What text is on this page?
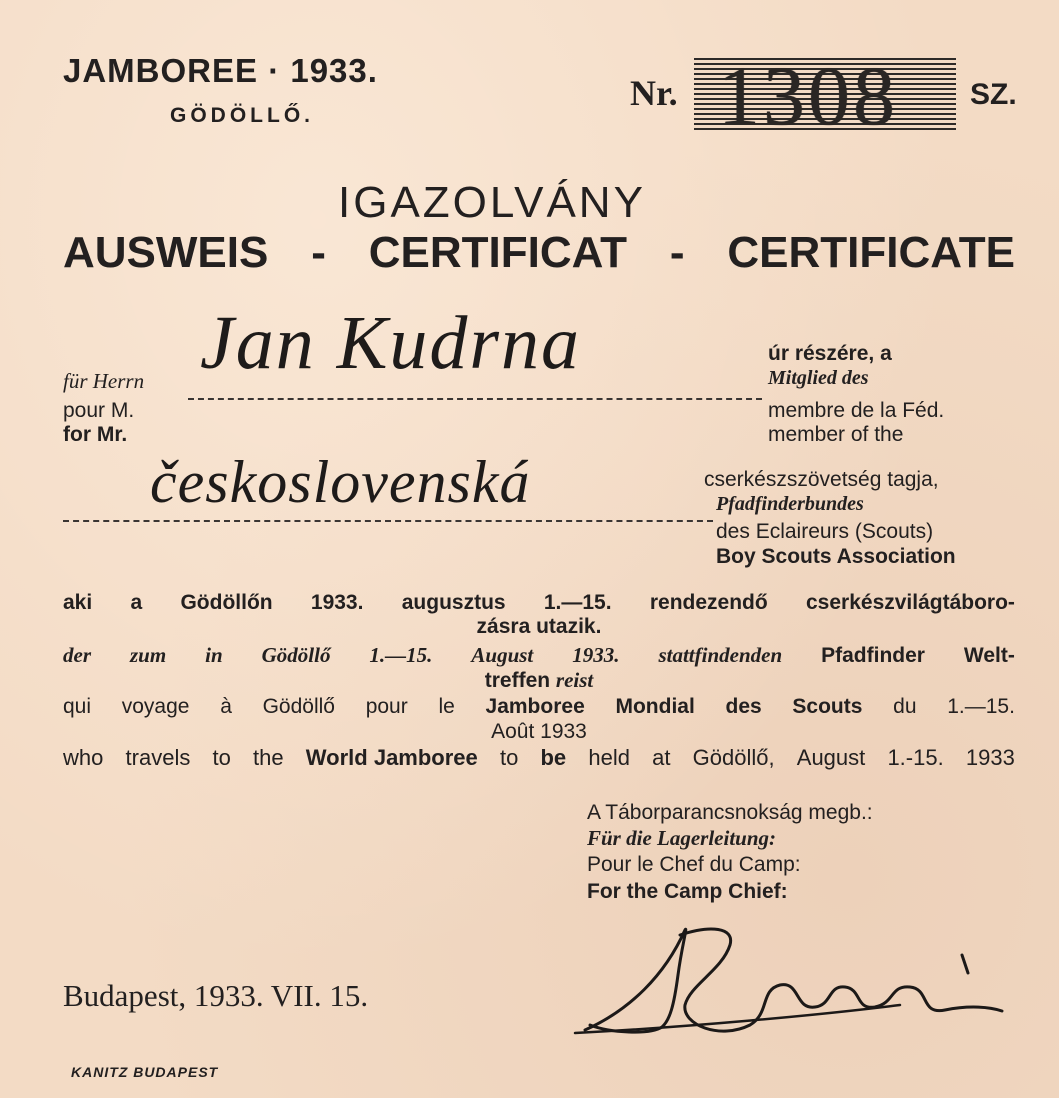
JAMBOREE · 1933.
GÖDÖLLŐ.
Nr. 1308 SZ.
IGAZOLVÁNY
AUSWEIS - CERTIFICAT - CERTIFICATE
Jan Kudrna
für Herrn
pour M.
for Mr.
úr részére, a
Mitglied des
membre de la Féd.
member of the
československá	cserkészszövetség tagja,
Pfadfinderbundes
des Eclaireurs (Scouts)
Boy Scouts Association
aki a Gödöllőn 1933. augusztus 1.—15. rendezendő cserkészvilágtáboro-
zásra utazik.
der zum in Gödöllő 1.—15. August 1933. stattfindenden Pfadfinder Welt-
treffen reist
qui voyage à Gödöllő pour le Jamboree Mondial des Scouts du 1.—15.
Août 1933
who travels to the World Jamboree to be held at Gödöllő, August 1.-15. 1933
A Táborparancsnokság megb.:
Für die Lagerleitung:
Pour le Chef du Camp:
For the Camp Chief:
Budapest, 1933. VII. 15.
KANITZ BUDAPEST
